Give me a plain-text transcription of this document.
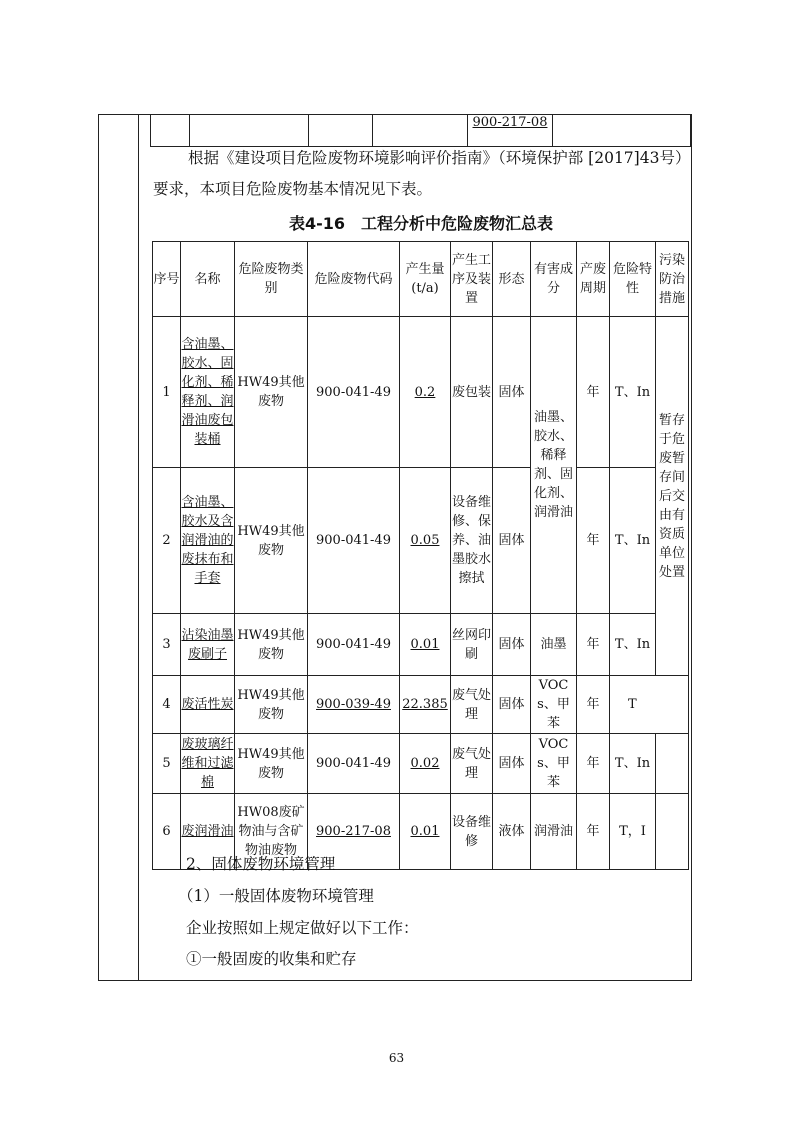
				900-217-08	
根据《建设项目危险废物环境影响评价指南》（环境保护部 [2017]43号）
要求，本项目危险废物基本情况见下表。
表4-16　工程分析中危险废物汇总表
序号	名称	危险废物类别	危险废物代码	产生量(t/a)	产生工序及装置	形态	有害成分	产废周期	危险特性	污染防治措施
1	含油墨、胶水、固化剂、稀释剂、润滑油废包装桶	HW49其他废物	900-041-49	0.2	废包装	固体	油墨、胶水、稀释剂、固化剂、润滑油	年	T、In	暂存于危废暂存间后交由有资质单位处置
2	含油墨、胶水及含润滑油的废抹布和手套	HW49其他废物	900-041-49	0.05	设备维修、保养、油墨胶水擦拭	固体		年	T、In	
3	沾染油墨废刷子	HW49其他废物	900-041-49	0.01	丝网印刷	固体	油墨	年	T、In	
4	废活性炭	HW49其他废物	900-039-49	22.385	废气处理	固体	VOCs、甲苯	年	T	
5	废玻璃纤维和过滤棉	HW49其他废物	900-041-49	0.02	废气处理	固体	VOCs、甲苯	年	T、In	
6	废润滑油	HW08废矿物油与含矿物油废物	900-217-08	0.01	设备维修	液体	润滑油	年	T，I	
2、固体废物环境管理
（1）一般固体废物环境管理
企业按照如上规定做好以下工作：
①一般固废的收集和贮存
63
